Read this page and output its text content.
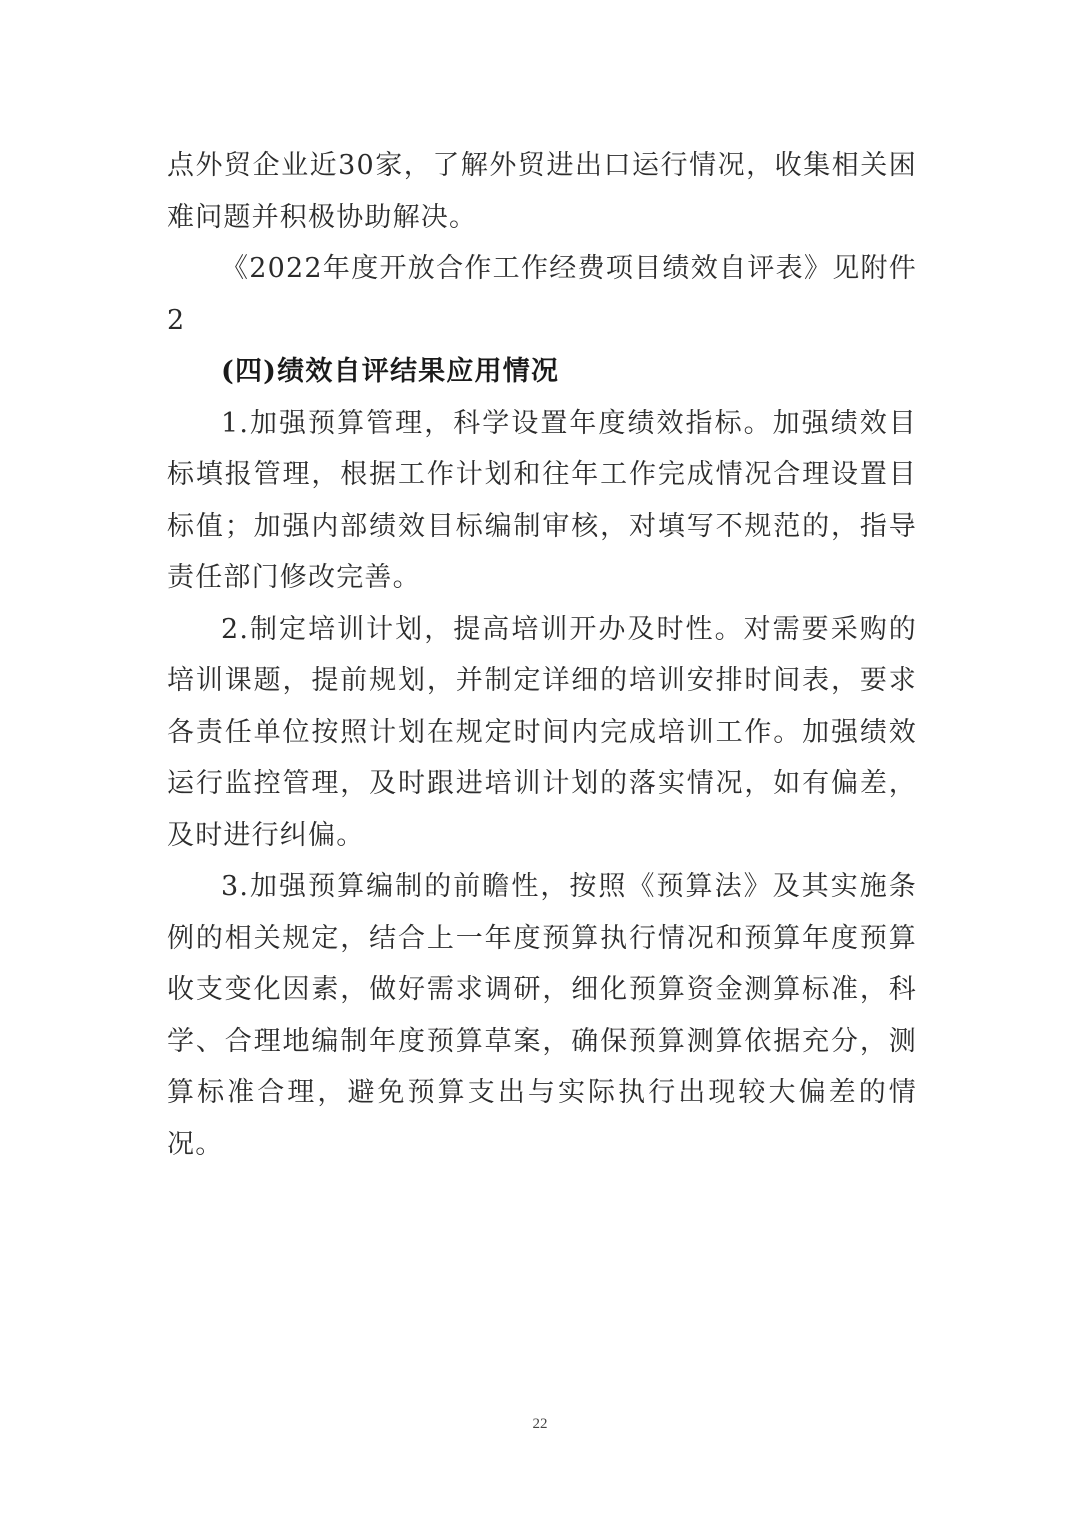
点外贸企业近30家，了解外贸进出口运行情况，收集相关困难问题并积极协助解决。

《2022年度开放合作工作经费项目绩效自评表》见附件2

(四)绩效自评结果应用情况

1.加强预算管理，科学设置年度绩效指标。加强绩效目标填报管理，根据工作计划和往年工作完成情况合理设置目标值；加强内部绩效目标编制审核，对填写不规范的，指导责任部门修改完善。

2.制定培训计划，提高培训开办及时性。对需要采购的培训课题，提前规划，并制定详细的培训安排时间表，要求各责任单位按照计划在规定时间内完成培训工作。加强绩效运行监控管理，及时跟进培训计划的落实情况，如有偏差，及时进行纠偏。

3.加强预算编制的前瞻性，按照《预算法》及其实施条例的相关规定，结合上一年度预算执行情况和预算年度预算收支变化因素，做好需求调研，细化预算资金测算标准，科学、合理地编制年度预算草案，确保预算测算依据充分，测算标准合理，避免预算支出与实际执行出现较大偏差的情况。

22
